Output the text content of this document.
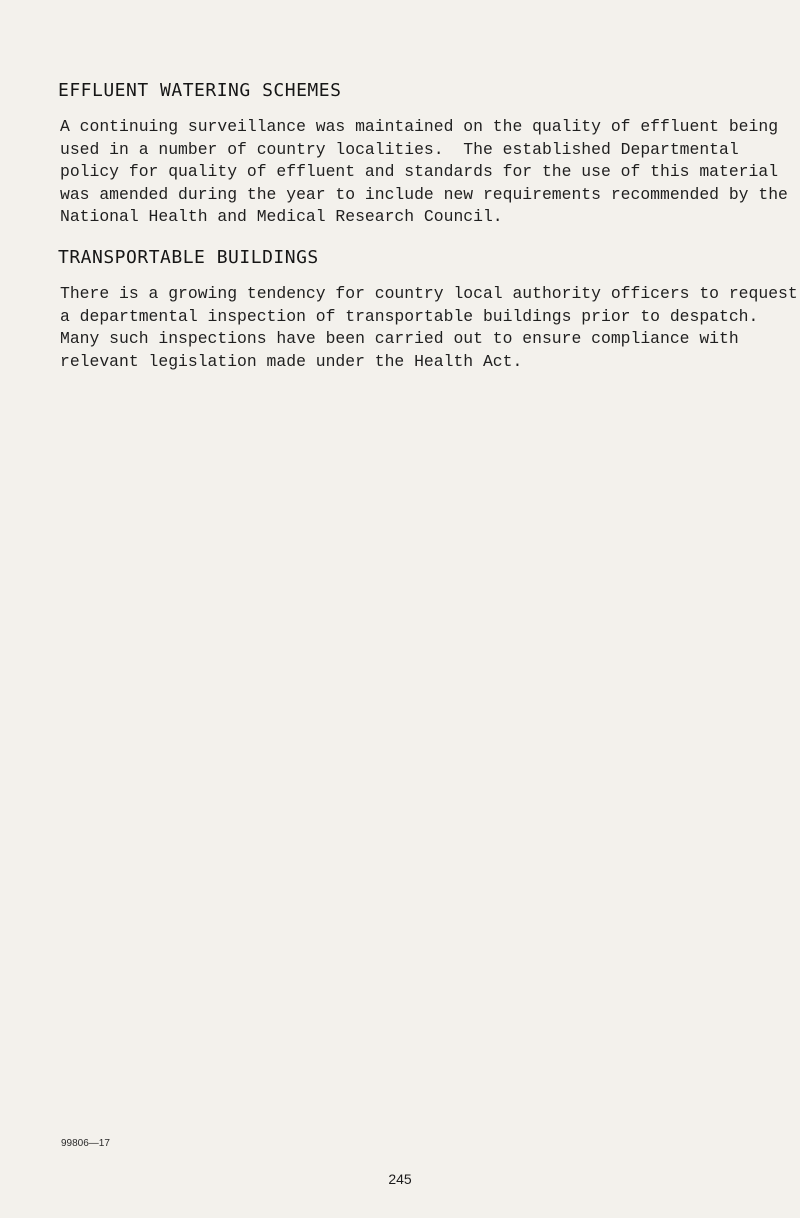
EFFLUENT WATERING SCHEMES
A continuing surveillance was maintained on the quality of effluent being
used in a number of country localities.  The established Departmental
policy for quality of effluent and standards for the use of this material
was amended during the year to include new requirements recommended by the
National Health and Medical Research Council.
TRANSPORTABLE BUILDINGS
There is a growing tendency for country local authority officers to request
a departmental inspection of transportable buildings prior to despatch.
Many such inspections have been carried out to ensure compliance with
relevant legislation made under the Health Act.
99806—17
245
